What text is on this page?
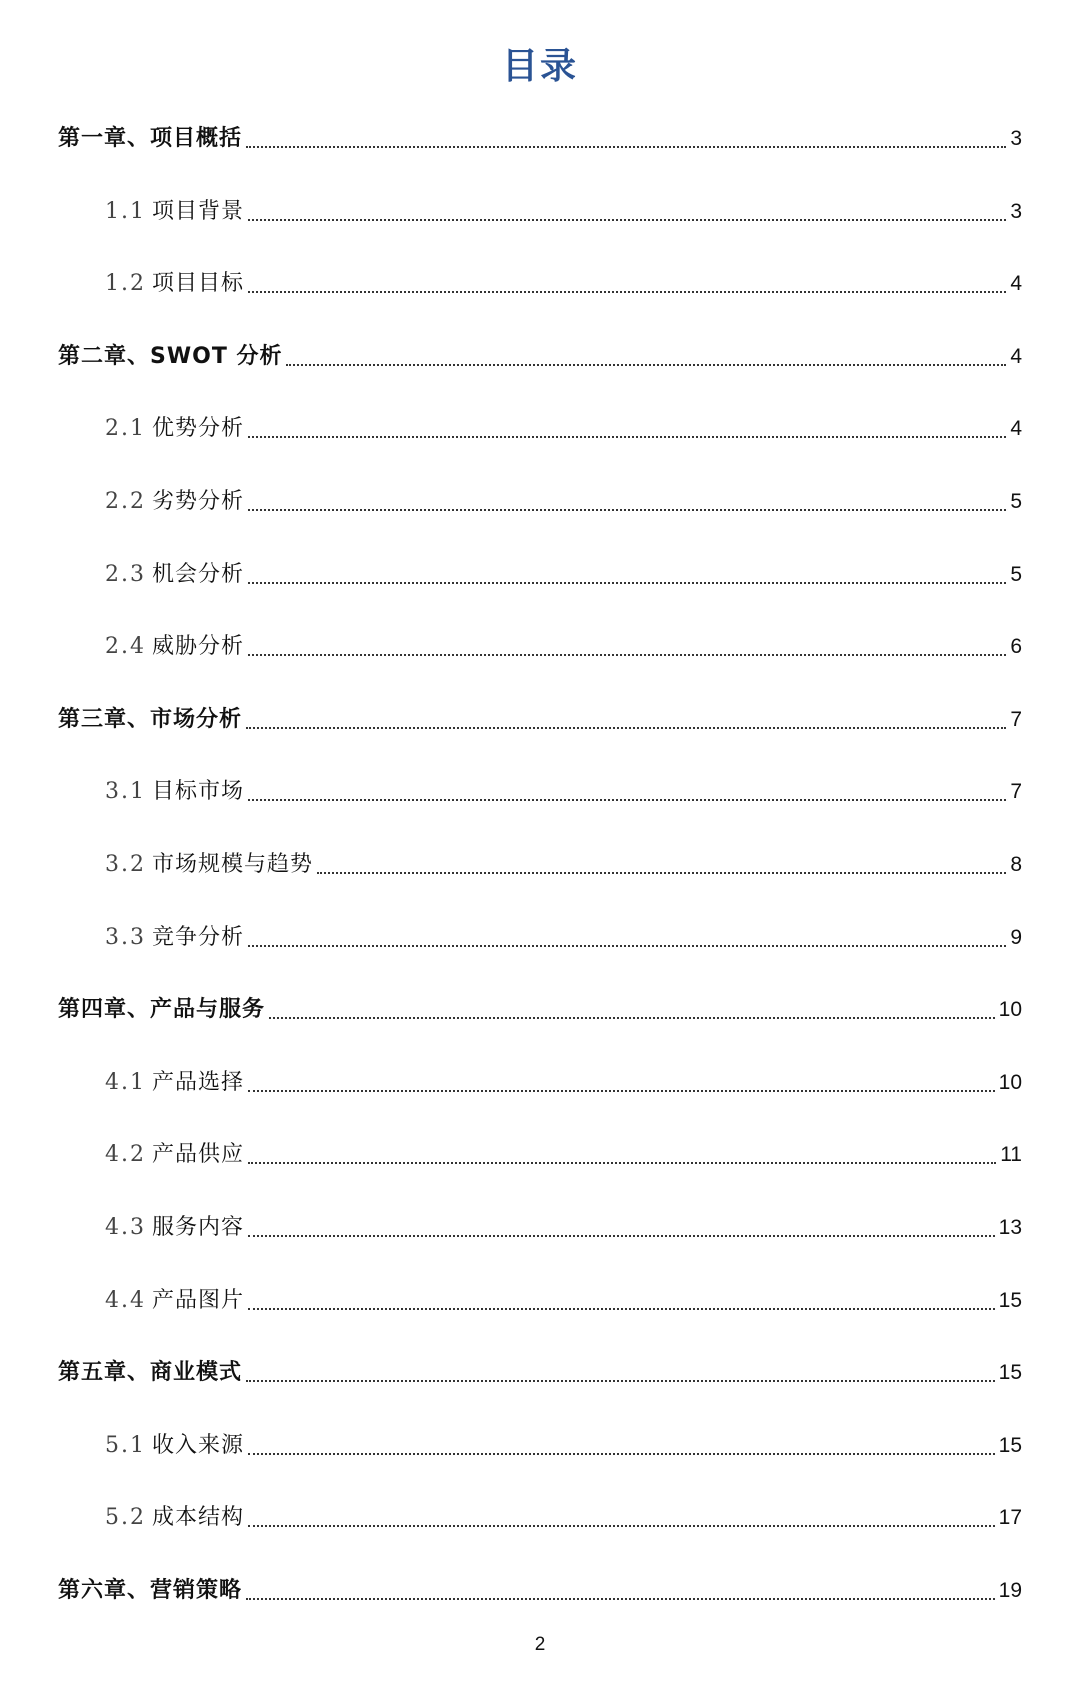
目录
第一章、项目概括	3
1.1 项目背景	3
1.2 项目目标	4
第二章、SWOT 分析	4
2.1 优势分析	4
2.2 劣势分析	5
2.3 机会分析	5
2.4 威胁分析	6
第三章、市场分析	7
3.1 目标市场	7
3.2 市场规模与趋势	8
3.3 竞争分析	9
第四章、产品与服务	10
4.1 产品选择	10
4.2 产品供应	11
4.3 服务内容	13
4.4 产品图片	15
第五章、商业模式	15
5.1 收入来源	15
5.2 成本结构	17
第六章、营销策略	19
2
